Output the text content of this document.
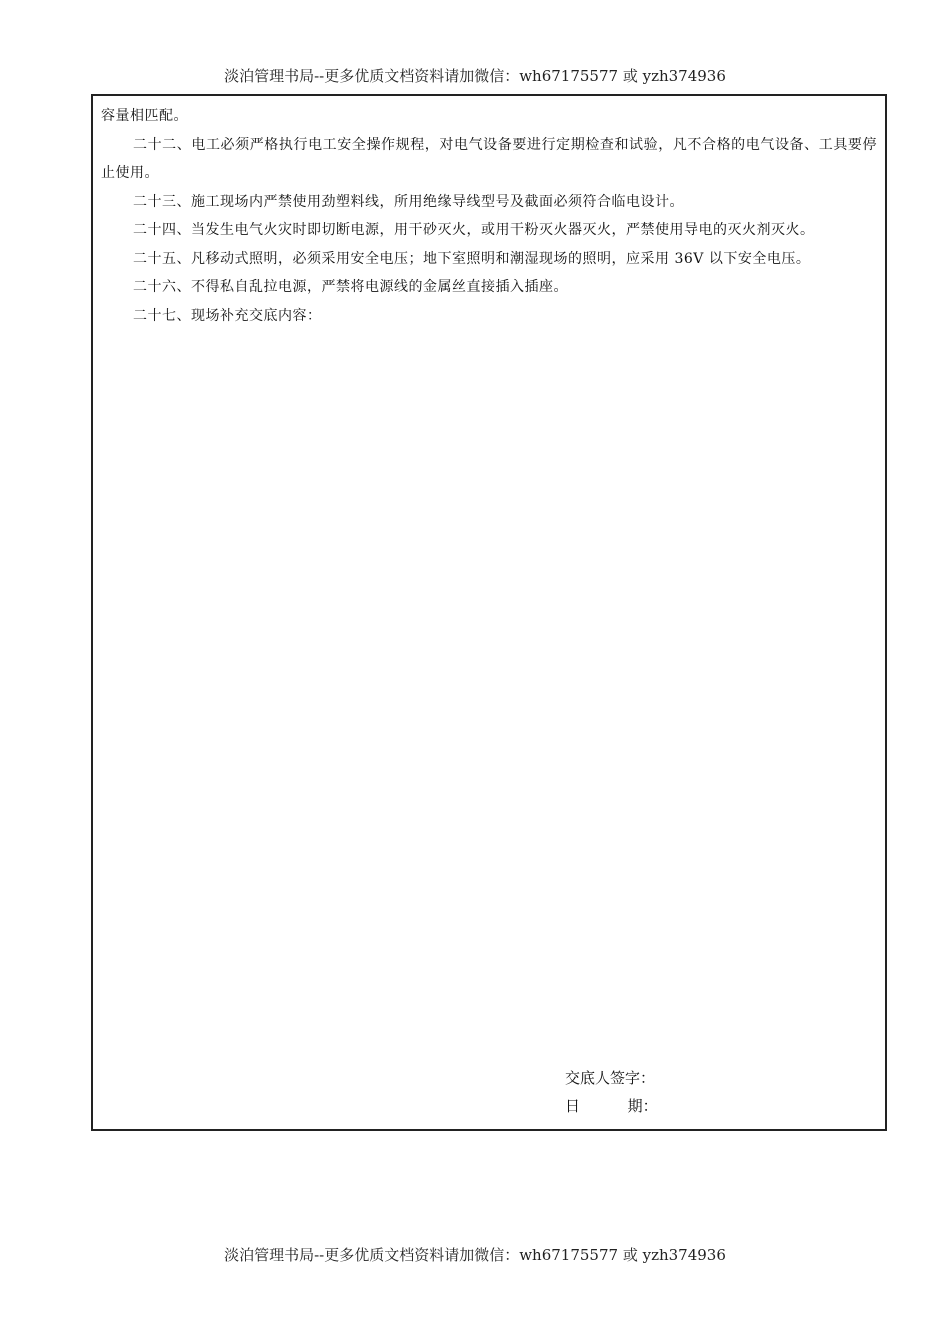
淡泊管理书局--更多优质文档资料请加微信：wh67175577 或 yzh374936

容量相匹配。

二十二、电工必须严格执行电工安全操作规程，对电气设备要进行定期检查和试验，凡不合格的电气设备、工具要停止使用。

二十三、施工现场内严禁使用劲塑料线，所用绝缘导线型号及截面必须符合临电设计。

二十四、当发生电气火灾时即切断电源，用干砂灭火，或用干粉灭火器灭火，严禁使用导电的灭火剂灭火。

二十五、凡移动式照明，必须采用安全电压；地下室照明和潮湿现场的照明，应采用 36V 以下安全电压。

二十六、不得私自乱拉电源，严禁将电源线的金属丝直接插入插座。

二十七、现场补充交底内容：

交底人签字：
日          期：
淡泊管理书局--更多优质文档资料请加微信：wh67175577 或 yzh374936
